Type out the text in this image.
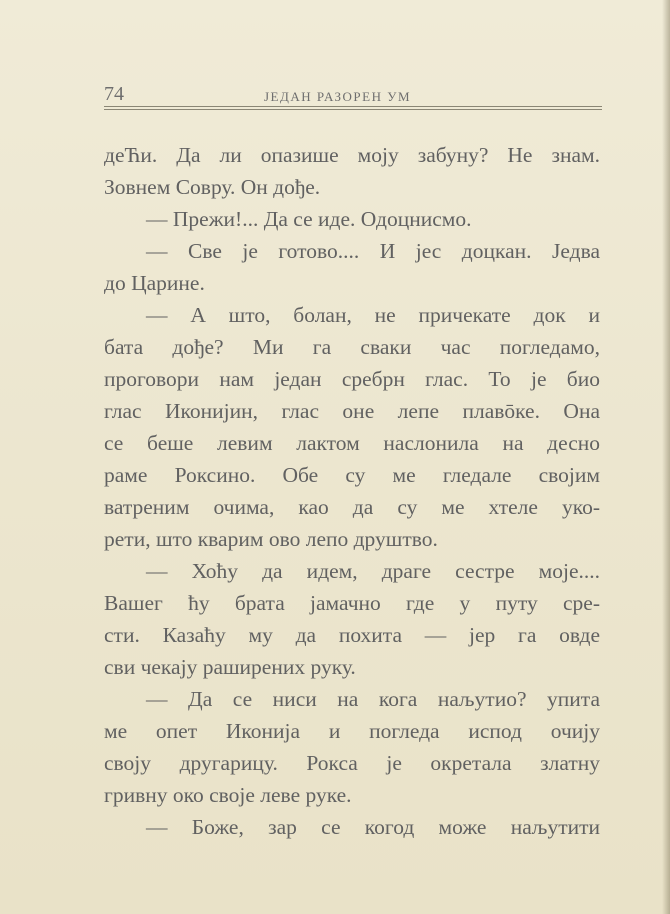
74	ЈЕДАН РАЗОРЕН УМ
деЋи. Да ли опазише моју забуну? Не знам.
Зовнем Совру. Он дође.
— Прежи!... Да се иде. Одоцнисмо.
— Све је готово.... И јес доцкан. Једва
до Царине.
— А што, болан, не причекате док и
бата дође? Ми га сваки час погледамо,
проговори нам један сребрн глас. То је био
глас Иконијин, глас оне лепе плавōке. Она
се беше левим лактом наслонила на десно
раме Роксино. Обе су ме гледале својим
ватреним очима, као да су ме хтеле уко-
рети, што кварим ово лепо друштво.
— Хоћу да идем, драге сестре моје....
Вашег ћу брата јамачно где у путу сре-
сти. Казаћу му да похита — јер га овде
сви чекају раширених руку.
— Да се ниси на кога наљутио? упита
ме опет Иконија и погледа испод очију
своју другарицу. Рокса је окретала златну
гривну око своје леве руке.
— Боже, зар се когод може наљутити
